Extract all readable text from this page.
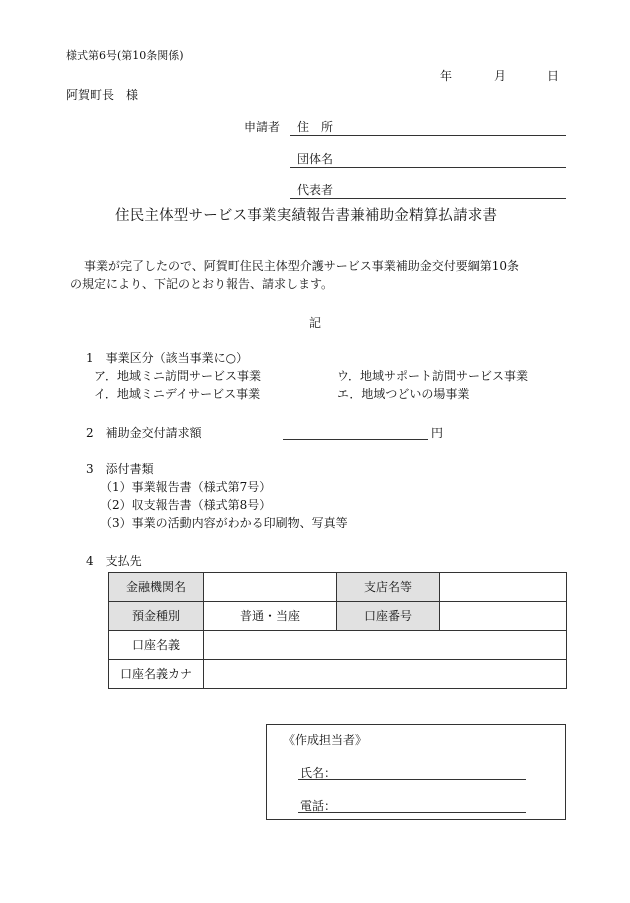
様式第6号(第10条関係)
年	月	日
阿賀町長　様
申請者 住　所
団体名
代表者
住民主体型サービス事業実績報告書兼補助金精算払請求書
事業が完了したので、阿賀町住民主体型介護サービス事業補助金交付要綱第10条
の規定により、下記のとおり報告、請求します。
記
1　事業区分（該当事業に○）
ア．地域ミニ訪問サービス事業	ウ．地域サポート訪問サービス事業
イ．地域ミニデイサービス事業	エ．地域つどいの場事業
2　補助金交付請求額	円
3　添付書類
（1）事業報告書（様式第7号）
（2）収支報告書（様式第8号）
（3）事業の活動内容がわかる印刷物、写真等
4　支払先
金融機関名		支店名等	
預金種別	普通・当座	口座番号	
口座名義			
口座名義カナ			
《作成担当者》
氏名：
電話：
